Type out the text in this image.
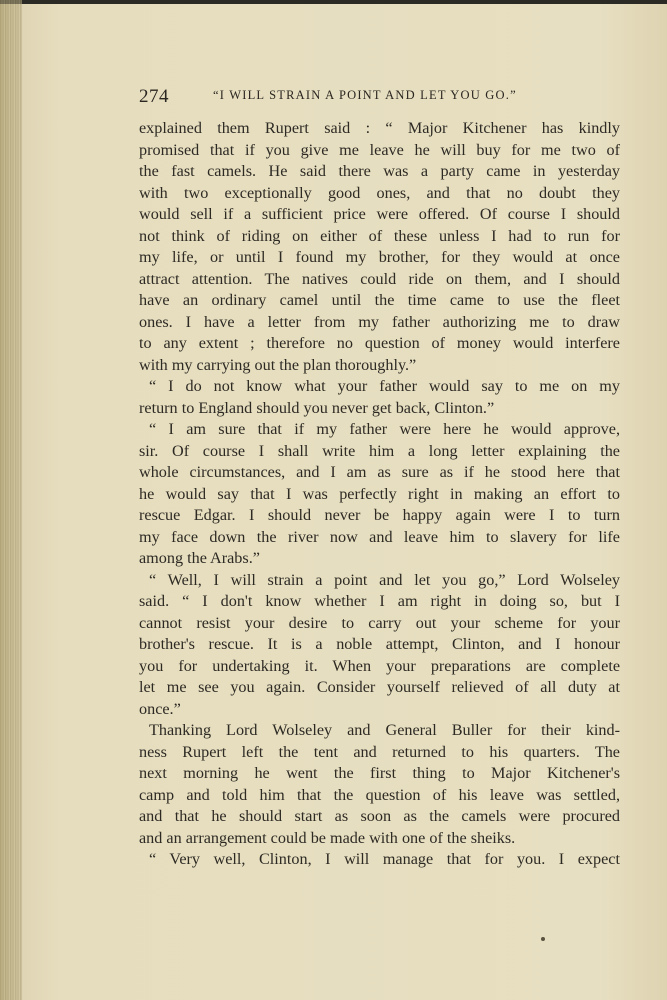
274	“I WILL STRAIN A POINT AND LET YOU GO.”
explained them Rupert said : “ Major Kitchener has kindly
promised that if you give me leave he will buy for me two of
the fast camels. He said there was a party came in yesterday
with two exceptionally good ones, and that no doubt they
would sell if a sufficient price were offered. Of course I should
not think of riding on either of these unless I had to run for
my life, or until I found my brother, for they would at once
attract attention. The natives could ride on them, and I should
have an ordinary camel until the time came to use the fleet
ones. I have a letter from my father authorizing me to draw
to any extent ; therefore no question of money would interfere
with my carrying out the plan thoroughly.”
“ I do not know what your father would say to me on my
return to England should you never get back, Clinton.”
“ I am sure that if my father were here he would approve,
sir. Of course I shall write him a long letter explaining the
whole circumstances, and I am as sure as if he stood here that
he would say that I was perfectly right in making an effort to
rescue Edgar. I should never be happy again were I to turn
my face down the river now and leave him to slavery for life
among the Arabs.”
“ Well, I will strain a point and let you go,” Lord Wolseley
said. “ I don't know whether I am right in doing so, but I
cannot resist your desire to carry out your scheme for your
brother's rescue. It is a noble attempt, Clinton, and I honour
you for undertaking it. When your preparations are complete
let me see you again. Consider yourself relieved of all duty at
once.”
Thanking Lord Wolseley and General Buller for their kind-
ness Rupert left the tent and returned to his quarters. The
next morning he went the first thing to Major Kitchener's
camp and told him that the question of his leave was settled,
and that he should start as soon as the camels were procured
and an arrangement could be made with one of the sheiks.
“ Very well, Clinton, I will manage that for you. I expect
